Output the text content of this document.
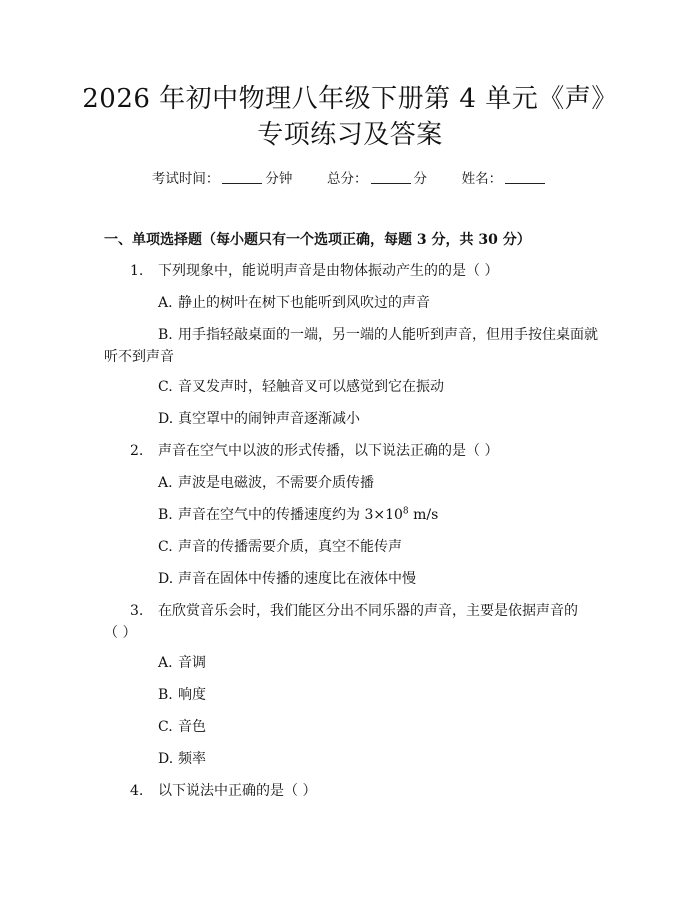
2026 年初中物理八年级下册第 4 单元《声》
专项练习及答案
考试时间：	分钟	总分：	分	姓名：
一、单项选择题（每小题只有一个选项正确，每题 3 分，共 30 分）
1. 下列现象中，能说明声音是由物体振动产生的的是（ ）
A. 静止的树叶在树下也能听到风吹过的声音
B. 用手指轻敲桌面的一端，另一端的人能听到声音，但用手按住桌面就
听不到声音
C. 音叉发声时，轻触音叉可以感觉到它在振动
D. 真空罩中的闹钟声音逐渐减小
2. 声音在空气中以波的形式传播，以下说法正确的是（ ）
A. 声波是电磁波，不需要介质传播
B. 声音在空气中的传播速度约为 $3\times 10^8$ m/s
C. 声音的传播需要介质，真空不能传声
D. 声音在固体中传播的速度比在液体中慢
3. 在欣赏音乐会时，我们能区分出不同乐器的声音，主要是依据声音的
（ ）
A. 音调
B. 响度
C. 音色
D. 频率
4. 以下说法中正确的是（ ）
